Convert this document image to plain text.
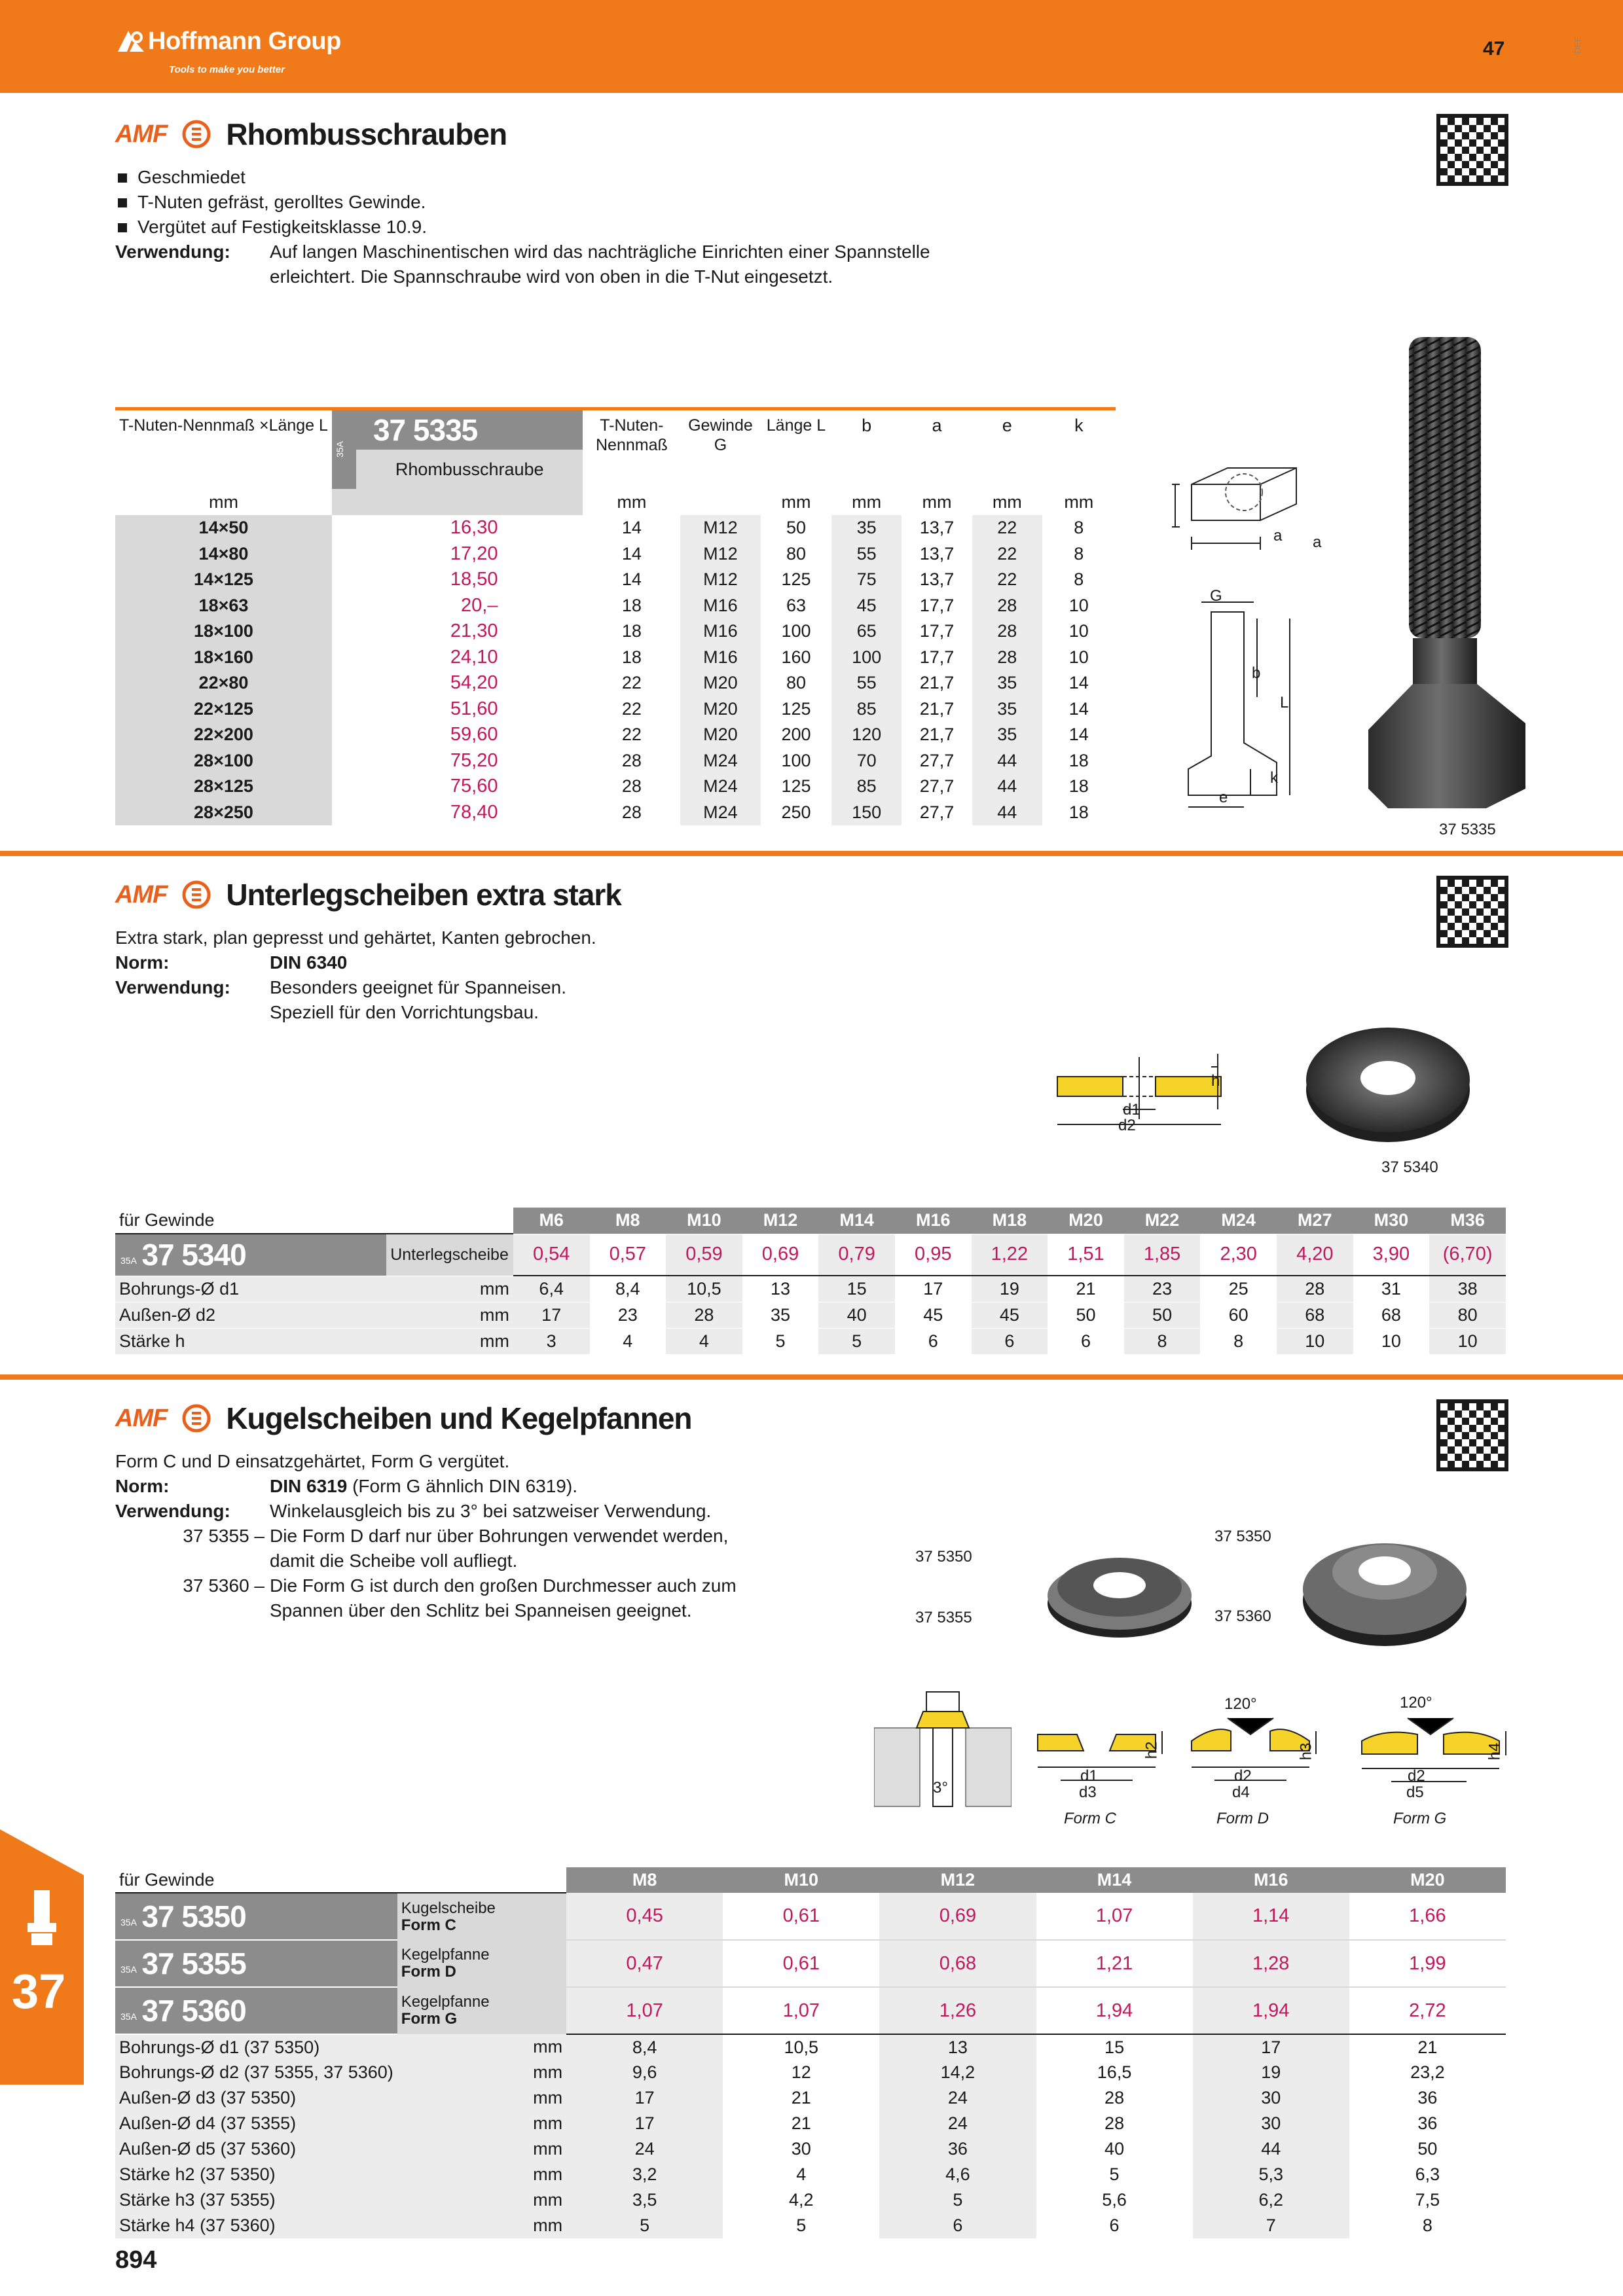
Hoffmann Group
Tools to make you better
47	DEE
AMF Rhombusschrauben
Geschmiedet
T-Nuten gefräst, gerolltes Gewinde.
Vergütet auf Festigkeitsklasse 10.9.
Verwendung:	Auf langen Maschinentischen wird das nachträgliche Einrichten einer Spannstelle
erleichtert. Die Spannschraube wird von oben in die T-Nut eingesetzt.
T-Nuten-Nennmaß ×Länge L	35A	37 5335
Rhombusschraube	T-Nuten-Nennmaß	Gewinde G	Länge L	b	a	e	k
mm			mm		mm	mm	mm	mm	mm
14×50	16,30		14	M12	50	35	13,7	22	8
14×80	17,20		14	M12	80	55	13,7	22	8
14×125	18,50		14	M12	125	75	13,7	22	8
18×63	20,–		18	M16	63	45	17,7	28	10
18×100	21,30		18	M16	100	65	17,7	28	10
18×160	24,10		18	M16	160	100	17,7	28	10
22×80	54,20		22	M20	80	55	21,7	35	14
22×125	51,60		22	M20	125	85	21,7	35	14
22×200	59,60		22	M20	200	120	21,7	35	14
28×100	75,20		28	M24	100	70	27,7	44	18
28×125	75,60		28	M24	125	85	27,7	44	18
28×250	78,40		28	M24	250	150	27,7	44	18
a a
G
b
L
k
e
37 5335
AMF Unterlegscheiben extra stark
Extra stark, plan gepresst und gehärtet, Kanten gebrochen.
Norm:	DIN 6340
Verwendung:	Besonders geeignet für Spanneisen.
Speziell für den Vorrichtungsbau.
h
d1
d2
37 5340
für Gewinde		M6	M8	M10	M12	M14	M16	M18	M20	M22	M24	M27	M30	M36
35A 37 5340	Unterlegscheibe	0,54	0,57	0,59	0,69	0,79	0,95	1,22	1,51	1,85	2,30	4,20	3,90	(6,70)
Bohrungs-Ø d1	mm	6,4	8,4	10,5	13	15	17	19	21	23	25	28	31	38
Außen-Ø d2	mm	17	23	28	35	40	45	45	50	50	60	68	68	80
Stärke h	mm	3	4	4	5	5	6	6	6	8	8	10	10	10
AMF Kugelscheiben und Kegelpfannen
Form C und D einsatzgehärtet, Form G vergütet.
Norm:	DIN 6319 (Form G ähnlich DIN 6319).
Verwendung:	Winkelausgleich bis zu 3° bei satzweiser Verwendung.
37 5355 – Die Form D darf nur über Bohrungen verwendet werden,
damit die Scheibe voll aufliegt.
37 5360 – Die Form G ist durch den großen Durchmesser auch zum
Spannen über den Schlitz bei Spanneisen geeignet.
37 5350
37 5355
37 5350
37 5360
3°
d1
d3
h2
Form C
120°
d2
d4
h3
Form D
120°
d2
d5
h4
Form G
für Gewinde		M8	M10	M12	M14	M16	M20
35A 37 5350	Kugelscheibe
Form C	0,45	0,61	0,69	1,07	1,14	1,66
35A 37 5355	Kegelpfanne
Form D	0,47	0,61	0,68	1,21	1,28	1,99
35A 37 5360	Kegelpfanne
Form G	1,07	1,07	1,26	1,94	1,94	2,72
Bohrungs-Ø d1 (37 5350)	mm	8,4	10,5	13	15	17	21
Bohrungs-Ø d2 (37 5355, 37 5360)	mm	9,6	12	14,2	16,5	19	23,2
Außen-Ø d3 (37 5350)	mm	17	21	24	28	30	36
Außen-Ø d4 (37 5355)	mm	17	21	24	28	30	36
Außen-Ø d5 (37 5360)	mm	24	30	36	40	44	50
Stärke h2 (37 5350)	mm	3,2	4	4,6	5	5,3	6,3
Stärke h3 (37 5355)	mm	3,5	4,2	5	5,6	6,2	7,5
Stärke h4 (37 5360)	mm	5	5	6	6	7	8
37
894
